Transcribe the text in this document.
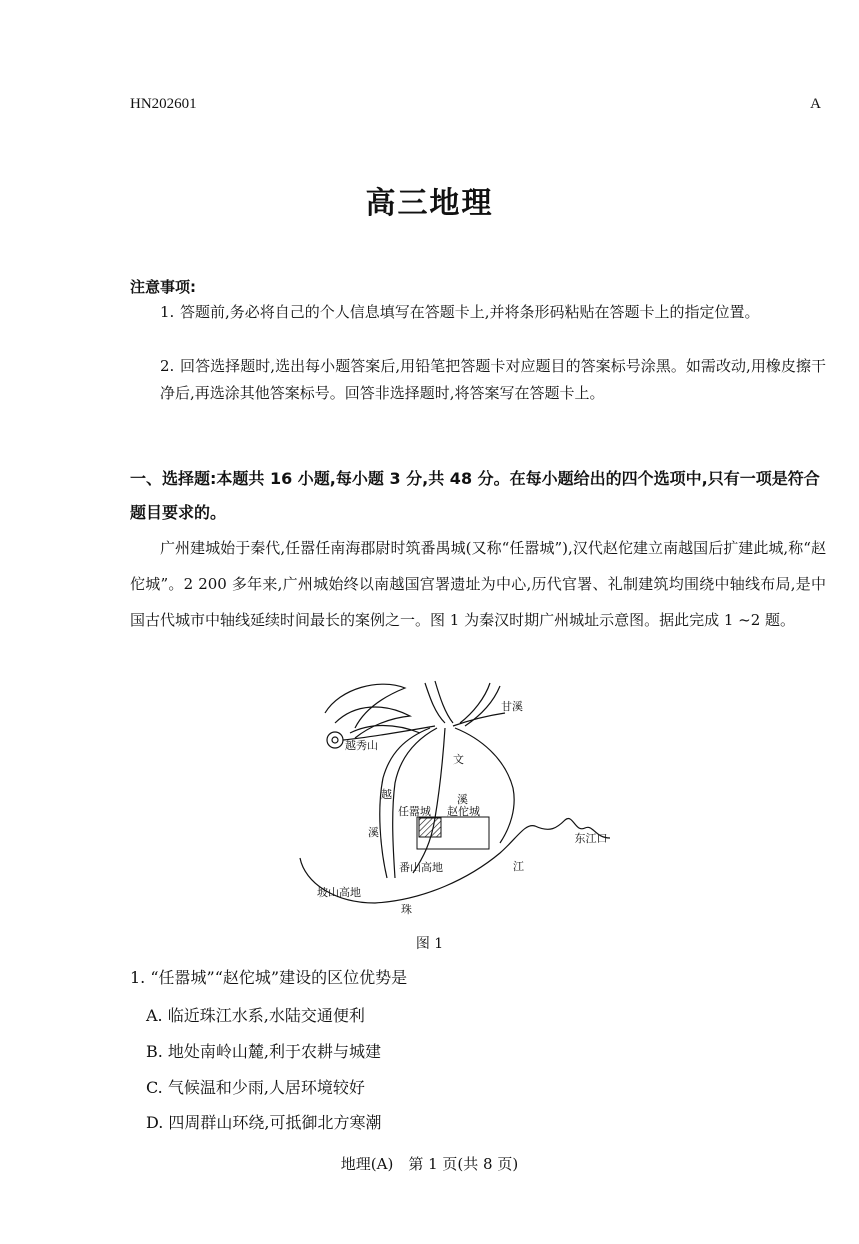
HN202601	A
高三地理
注意事项:
1. 答题前,务必将自己的个人信息填写在答题卡上,并将条形码粘贴在答题卡上的指定位置。
2. 回答选择题时,选出每小题答案后,用铅笔把答题卡对应题目的答案标号涂黑。如需改动,用橡皮擦干净后,再选涂其他答案标号。回答非选择题时,将答案写在答题卡上。
一、选择题:本题共 16 小题,每小题 3 分,共 48 分。在每小题给出的四个选项中,只有一项是符合题目要求的。
广州建城始于秦代,任嚣任南海郡尉时筑番禺城(又称“任嚣城”),汉代赵佗建立南越国后扩建此城,称“赵佗城”。2 200 多年来,广州城始终以南越国宫署遗址为中心,历代官署、礼制建筑均围绕中轴线布局,是中国古代城市中轴线延续时间最长的案例之一。图 1 为秦汉时期广州城址示意图。据此完成 1 ~2 题。
越秀山
甘溪
文
溪
越
溪
任嚣城 赵佗城
番山高地
坡山高地
珠
江
东江口
图 1
1. “任嚣城”“赵佗城”建设的区位优势是
A. 临近珠江水系,水陆交通便利
B. 地处南岭山麓,利于农耕与城建
C. 气候温和少雨,人居环境较好
D. 四周群山环绕,可抵御北方寒潮
地理(A)　第 1 页(共 8 页)
